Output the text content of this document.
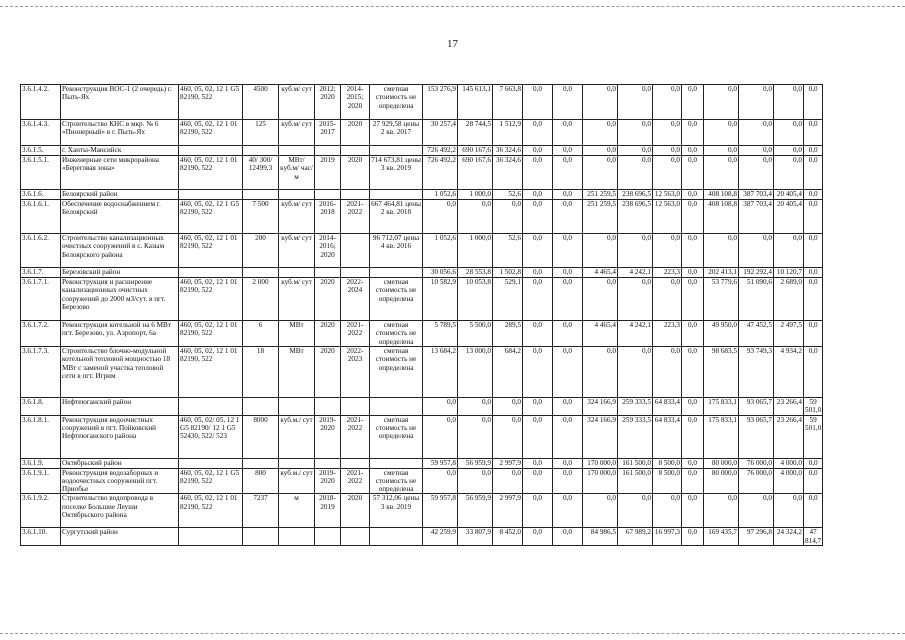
17
3.6.1.4.2.	Реконструкция ВОС-1 (2 очередь) г. Пыть-Ях	460, 05, 02, 12 1 G5 82190, 522	4500	куб.м/ сут	2012; 2020	2014-2015; 2020	сметная стоимость не определена	153 276,9	145 613,1	7 663,8	0,0	0,0	0,0	0,0	0,0	0,0	0,0	0,0	0,0	0,0
3.6.1.4.3.	Строительство КНС в мкр. № 6 «Пионерный» в г. Пыть-Ях	460, 05, 02, 12 1 01 82190, 522	125	куб.м/ сут	2015-2017	2020	27 929,58 цены 2 кв. 2017	30 257,4	28 744,5	1 512,9	0,0	0,0	0,0	0,0	0,0	0,0	0,0	0,0	0,0	0,0
3.6.1.5.	г. Ханты-Мансийск							726 492,2	690 167,6	36 324,6	0,0	0,0	0,0	0,0	0,0	0,0	0,0	0,0	0,0	0,0
3.6.1.5.1.	Инженерные сети микрорайона «Береговая зона»	460, 05, 02, 12 1 01 82190, 522	40/ 300/ 12499,3	МВт/ куб.м/ час/ м	2019	2020	714 673,81 цены 3 кв. 2019	726 492,2	690 167,6	36 324,6	0,0	0,0	0,0	0,0	0,0	0,0	0,0	0,0	0,0	0,0
3.6.1.6.	Белоярский район							1 052,6	1 000,0	52,6	0,0	0,0	251 259,5	238 696,5	12 563,0	0,0	408 108,8	387 703,4	20 405,4	0,0
3.6.1.6.1.	Обеспечение водоснабжением г. Белоярский	460, 05, 02, 12 1 G5 82190, 522	7 500	куб.м/ сут	2016-2018	2021-2022	667 464,81 цены 2 кв. 2018	0,0	0,0	0,0	0,0	0,0	251 259,5	238 696,5	12 563,0	0,0	408 108,8	387 703,4	20 405,4	0,0
3.6.1.6.2.	Строительство канализационных очистных сооружений в с. Казым Белоярского района	460, 05, 02, 12 1 01 82190, 522	200	куб.м/ сут	2014-2016; 2020		96 712,07 цены 4 кв. 2016	1 052,6	1 000,0	52,6	0,0	0,0	0,0	0,0	0,0	0,0	0,0	0,0	0,0	0,0
3.6.1.7.	Березовский район							30 056,6	28 553,8	1 502,8	0,0	0,0	4 465,4	4 242,1	223,3	0,0	202 413,1	192 292,4	10 120,7	0,0
3.6.1.7.1.	Реконструкция и расширение канализационных очистных сооружений до 2000 м3/сут. в пгт. Березово	460, 05, 02, 12 1 01 82190, 522	2 000	куб.м/ сут	2020	2022-2024	сметная стоимость не определена	10 582,9	10 053,8	529,1	0,0	0,0	0,0	0,0	0,0	0,0	53 779,6	51 090,6	2 689,0	0,0
3.6.1.7.2.	Реконструкция котельной на 6 МВт пгт. Березово, ул. Аэропорт, 6а	460, 05, 02, 12 1 01 82190, 522	6	МВт	2020	2021-2022	сметная стоимость не определена	5 789,5	5 500,0	289,5	0,0	0,0	4 465,4	4 242,1	223,3	0,0	49 950,0	47 452,5	2 497,5	0,0
3.6.1.7.3.	Строительство блочно-модульной котельной тепловой мощностью 18 МВт с заменой участка тепловой сети в пгт. Игрим	460, 05, 02, 12 1 01 82190, 522	18	МВт	2020	2022-2023	сметная стоимость не определена	13 684,2	13 000,0	684,2	0,0	0,0	0,0	0,0	0,0	0,0	98 683,5	93 749,3	4 934,2	0,0
3.6.1.8.	Нефтеюганский район							0,0	0,0	0,0	0,0	0,0	324 166,9	259 333,5	64 833,4	0,0	175 833,1	93 065,7	23 266,4	59 501,0
3.6.1.8.1.	Реконструкция водоочистных сооружений в пгт. Пойковский Нефтеюганского района	460, 05, 02/ 05, 12 1 G5 82190/ 12 1 G5 52430, 522/ 523	8000	куб.м./ сут	2019-2020	2021-2022	сметная стоимость не определена	0,0	0,0	0,0	0,0	0,0	324 166,9	259 333,5	64 833,4	0,0	175 833,1	93 065,7	23 266,4	59 501,0
3.6.1.9.	Октябрьский район							59 957,8	56 959,9	2 997,9	0,0	0,0	170 000,0	161 500,0	8 500,0	0,0	80 000,0	76 000,0	4 000,0	0,0
3.6.1.9.1.	Реконструкция водозаборных и водоочистных сооружений пгт. Приобье	460, 05, 02, 12 1 G5 82190, 522	800	куб.м./ сут	2019-2020	2021-2022	сметная стоимость не определена	0,0	0,0	0,0	0,0	0,0	170 000,0	161 500,0	8 500,0	0,0	80 000,0	76 000,0	4 000,0	0,0
3.6.1.9.2.	Строительство водопровода в поселке Большие Леуши Октябрьского района	460, 05, 02, 12 1 01 82190, 522	7237	м	2018-2019	2020	57 312,06 цены 3 кв. 2019	59 957,8	56 959,9	2 997,9	0,0	0,0	0,0	0,0	0,0	0,0	0,0	0,0	0,0	0,0
3.6.1.10.	Сургутский район							42 259,9	33 807,9	8 452,0	0,0	0,0	84 986,5	67 989,2	16 997,3	0,0	169 435,7	97 296,8	24 324,2	47 814,7
